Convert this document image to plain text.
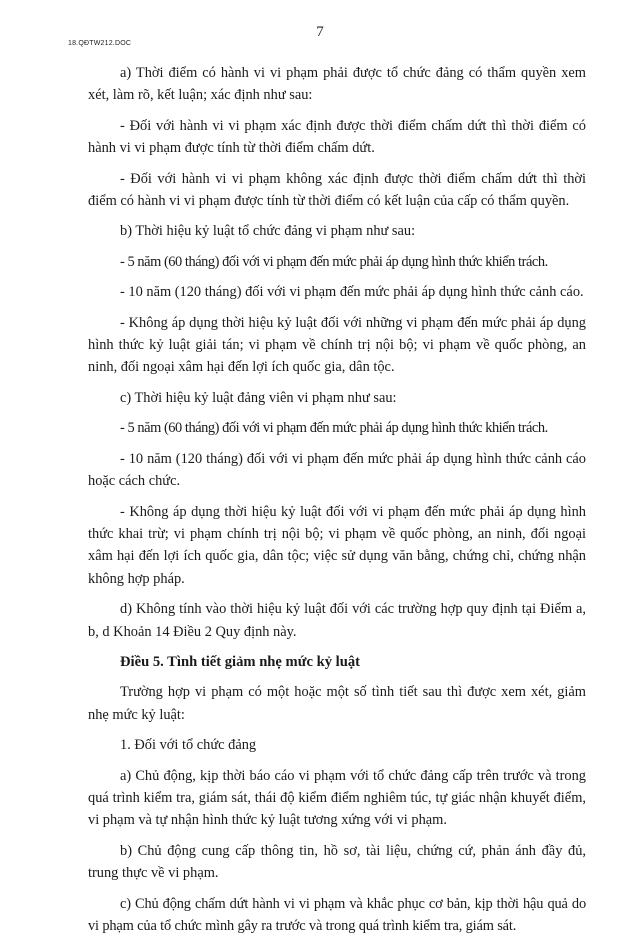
18.QĐTW212.DOC
7

a) Thời điểm có hành vi vi phạm phải được tổ chức đảng có thẩm quyền xem xét, làm rõ, kết luận; xác định như sau:

- Đối với hành vi vi phạm xác định được thời điểm chấm dứt thì thời điểm có hành vi vi phạm được tính từ thời điểm chấm dứt.

- Đối với hành vi vi phạm không xác định được thời điểm chấm dứt thì thời điểm có hành vi vi phạm được tính từ thời điểm có kết luận của cấp có thẩm quyền.

b) Thời hiệu kỷ luật tổ chức đảng vi phạm như sau:

- 5 năm (60 tháng) đối với vi phạm đến mức phải áp dụng hình thức khiển trách.

- 10 năm (120 tháng) đối với vi phạm đến mức phải áp dụng hình thức cảnh cáo.

- Không áp dụng thời hiệu kỷ luật đối với những vi phạm đến mức phải áp dụng hình thức kỷ luật giải tán; vi phạm về chính trị nội bộ; vi phạm về quốc phòng, an ninh, đối ngoại xâm hại đến lợi ích quốc gia, dân tộc.

c) Thời hiệu kỷ luật đảng viên vi phạm như sau:

- 5 năm (60 tháng) đối với vi phạm đến mức phải áp dụng hình thức khiển trách.

- 10 năm (120 tháng) đối với vi phạm đến mức phải áp dụng hình thức cảnh cáo hoặc cách chức.

- Không áp dụng thời hiệu kỷ luật đối với vi phạm đến mức phải áp dụng hình thức khai trừ; vi phạm chính trị nội bộ; vi phạm về quốc phòng, an ninh, đối ngoại xâm hại đến lợi ích quốc gia, dân tộc; việc sử dụng văn bằng, chứng chỉ, chứng nhận không hợp pháp.

d) Không tính vào thời hiệu kỷ luật đối với các trường hợp quy định tại Điểm a, b, d Khoản 14 Điều 2 Quy định này.

Điều 5. Tình tiết giảm nhẹ mức kỷ luật

Trường hợp vi phạm có một hoặc một số tình tiết sau thì được xem xét, giảm nhẹ mức kỷ luật:

1. Đối với tổ chức đảng

a) Chủ động, kịp thời báo cáo vi phạm với tổ chức đảng cấp trên trước và trong quá trình kiểm tra, giám sát, thái độ kiểm điểm nghiêm túc, tự giác nhận khuyết điểm, vi phạm và tự nhận hình thức kỷ luật tương xứng với vi phạm.

b) Chủ động cung cấp thông tin, hồ sơ, tài liệu, chứng cứ, phản ánh đầy đủ, trung thực về vi phạm.

c) Chủ động chấm dứt hành vi vi phạm và khắc phục cơ bản, kịp thời hậu quả do vi phạm của tổ chức mình gây ra trước và trong quá trình kiểm tra, giám sát.
